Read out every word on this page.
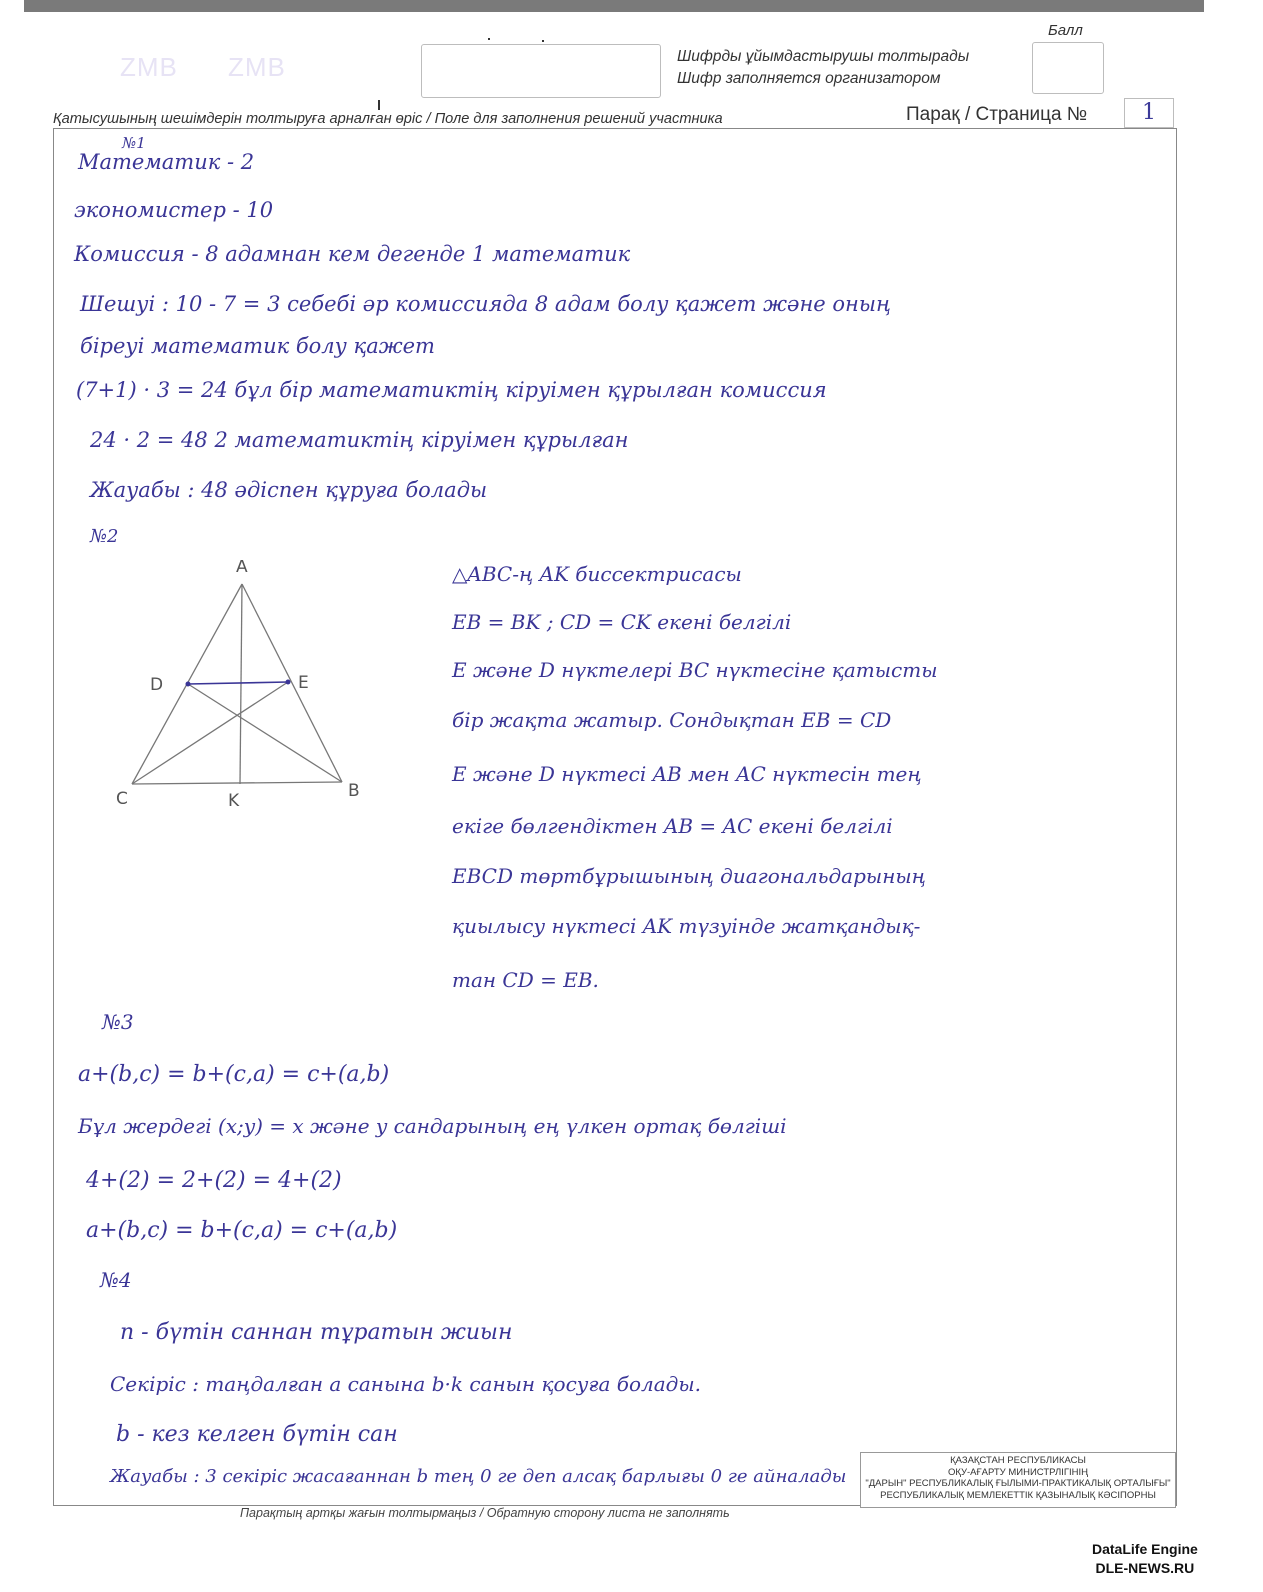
ZMB ZMB	Шифрды ұйымдастырушы толтырады
Шифр заполняется организатором
Балл
Қатысушының шешімдерін толтыруға арналған өріс / Поле для заполнения решений участника	Парақ / Страница №	1
№1
Математик - 2
экономистер - 10
Комиссия - 8 адамнан кем дегенде 1 математик
Шешуі : 10 - 7 = 3 себебі әр комиссияда 8 адам болу қажет және оның
біреуі математик болу қажет
(7+1) · 3 = 24 бұл бір математиктің кіруімен құрылған комиссия
24 · 2 = 48 2 математиктің кіруімен құрылған
Жауабы : 48 әдіспен құруға болады
№2
A
D	E
C	K	B
△ABC-ң AK биссектрисасы
EB = BK ; CD = CK екені белгілі
E және D нүктелері BC нүктесіне қатысты
бір жақта жатыр. Сондықтан EB = CD
E және D нүктесі AB мен AC нүктесін тең
екіге бөлгендіктен AB = AC екені белгілі
EBCD төртбұрышының диагональдарының
қиылысу нүктесі AK түзуінде жатқандық-
тан CD = EB.
№3
a+(b,c) = b+(c,a) = c+(a,b)
Бұл жердегі (x;y) = x және y сандарының ең үлкен ортақ бөлгіші
4+(2) = 2+(2) = 4+(2)
a+(b,c) = b+(c,a) = c+(a,b)
№4
n - бүтін саннан тұратын жиын
Секіріс : таңдалған a санына b·k санын қосуға болады.
b - кез келген бүтін сан
Жауабы : 3 секіріс жасағаннан b тең 0 ге деп алсақ барлығы 0 ге айналады
ҚАЗАҚСТАН РЕСПУБЛИКАСЫ
ОҚУ-АҒАРТУ МИНИСТРЛІГІНІҢ
"ДАРЫН" РЕСПУБЛИКАЛЫҚ ҒЫЛЫМИ-ПРАКТИКАЛЫҚ ОРТАЛЫҒЫ"
РЕСПУБЛИКАЛЫҚ МЕМЛЕКЕТТІК ҚАЗЫНАЛЫҚ КӘСІПОРНЫ
Парақтың артқы жағын толтырмаңыз / Обратную сторону листа не заполнять
DataLife Engine
DLE-NEWS.RU
